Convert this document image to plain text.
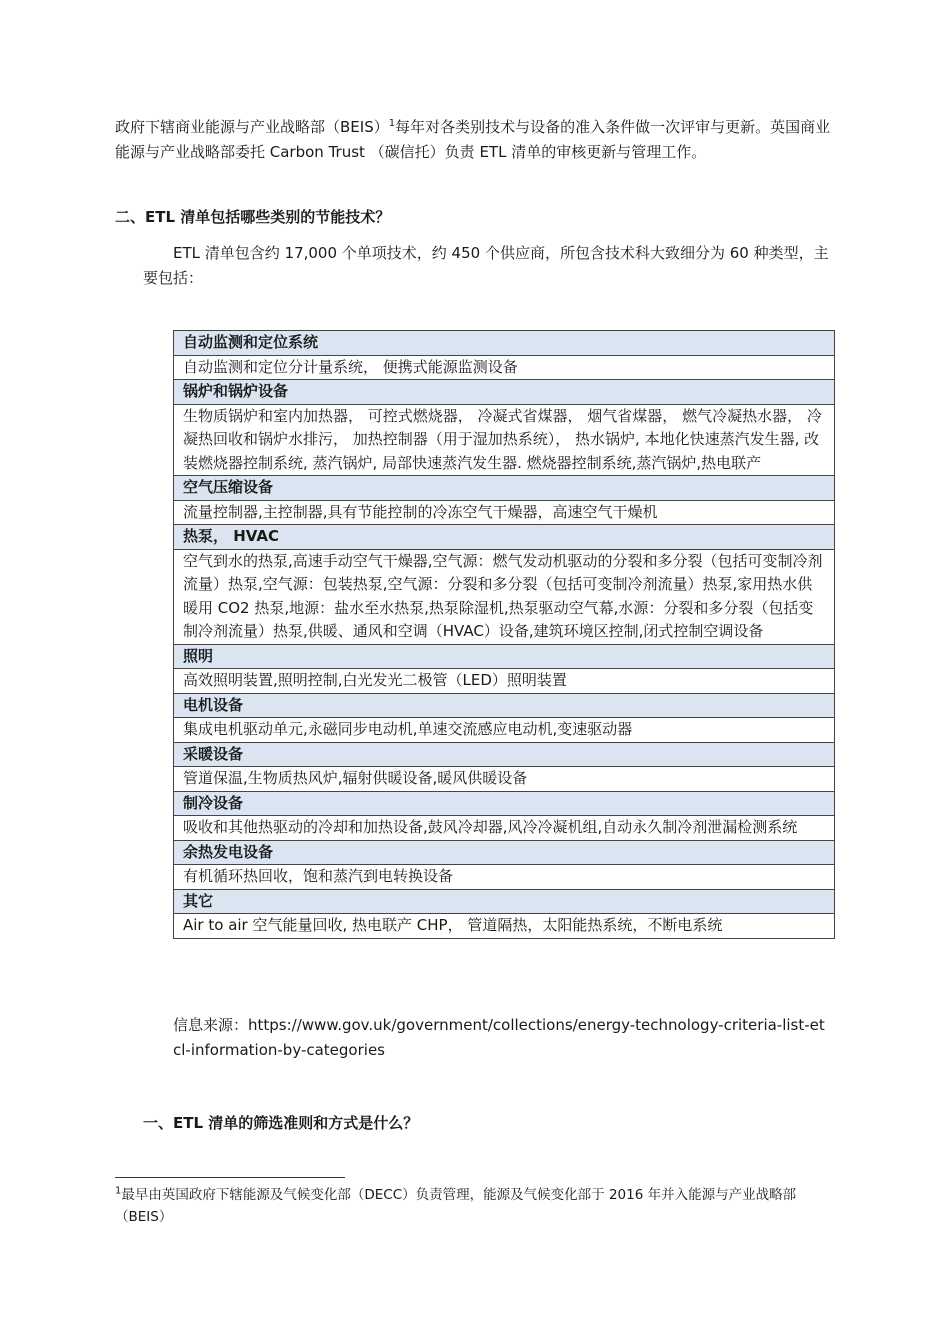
政府下辖商业能源与产业战略部（BEIS）$^1$每年对各类别技术与设备的准入条件做一次评审与更新。英国商业能源与产业战略部委托 Carbon Trust （碳信托）负责 ETL 清单的审核更新与管理工作。

二、ETL 清单包括哪些类别的节能技术？

ETL 清单包含约 17,000 个单项技术，约 450 个供应商，所包含技术科大致细分为 60 种类型，主要包括：

自动监测和定位系统
自动监测和定位分计量系统， 便携式能源监测设备
锅炉和锅炉设备
生物质锅炉和室内加热器， 可控式燃烧器， 冷凝式省煤器， 烟气省煤器， 燃气冷凝热水器， 冷凝热回收和锅炉水排污， 加热控制器（用于湿加热系统）， 热水锅炉, 本地化快速蒸汽发生器, 改装燃烧器控制系统, 蒸汽锅炉, 局部快速蒸汽发生器. 燃烧器控制系统,蒸汽锅炉,热电联产
空气压缩设备
流量控制器,主控制器,具有节能控制的冷冻空气干燥器，高速空气干燥机
热泵， HVAC
空气到水的热泵,高速手动空气干燥器,空气源：燃气发动机驱动的分裂和多分裂（包括可变制冷剂流量）热泵,空气源：包装热泵,空气源：分裂和多分裂（包括可变制冷剂流量）热泵,家用热水供暖用 CO2 热泵,地源：盐水至水热泵,热泵除湿机,热泵驱动空气幕,水源：分裂和多分裂（包括变制冷剂流量）热泵,供暖、通风和空调（HVAC）设备,建筑环境区控制,闭式控制空调设备
照明
高效照明装置,照明控制,白光发光二极管（LED）照明装置
电机设备
集成电机驱动单元,永磁同步电动机,单速交流感应电动机,变速驱动器
采暖设备
管道保温,生物质热风炉,辐射供暖设备,暖风供暖设备
制冷设备
吸收和其他热驱动的冷却和加热设备,鼓风冷却器,风冷冷凝机组,自动永久制冷剂泄漏检测系统
余热发电设备
有机循环热回收，饱和蒸汽到电转换设备
其它
Air to air 空气能量回收, 热电联产 CHP， 管道隔热，太阳能热系统，不断电系统

信息来源：https://www.gov.uk/government/collections/energy-technology-criteria-list-etcl-information-by-categories

一、ETL 清单的筛选准则和方式是什么？

$^1$最早由英国政府下辖能源及气候变化部（DECC）负责管理，能源及气候变化部于 2016 年并入能源与产业战略部（BEIS）
